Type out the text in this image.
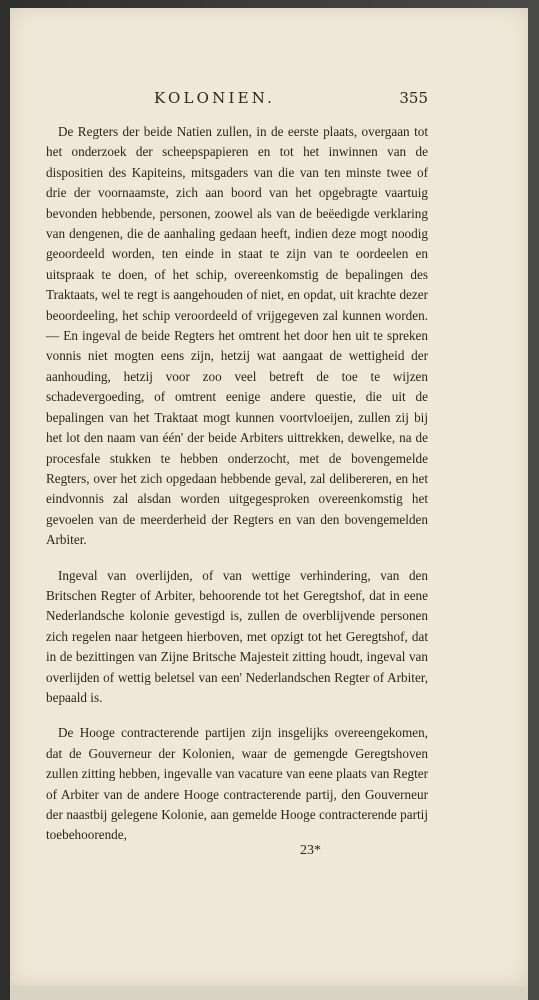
KOLONIEN.	355

De Regters der beide Natien zullen, in de eerste plaats, overgaan tot het onderzoek der scheepspapieren en tot het inwinnen van de dispositien des Kapiteins, mitsgaders van die van ten minste twee of drie der voornaamste, zich aan boord van het opgebragte vaartuig bevonden hebbende, personen, zoowel als van de beëedigde verklaring van dengenen, die de aanhaling gedaan heeft, indien deze mogt noodig geoordeeld worden, ten einde in staat te zijn van te oordeelen en uitspraak te doen, of het schip, overeenkomstig de bepalingen des Traktaats, wel te regt is aangehouden of niet, en opdat, uit krachte dezer beoordeeling, het schip veroordeeld of vrijgegeven zal kunnen worden. — En ingeval de beide Regters het omtrent het door hen uit te spreken vonnis niet mogten eens zijn, hetzij wat aangaat de wettigheid der aanhouding, hetzij voor zoo veel betreft de toe te wijzen schadevergoeding, of omtrent eenige andere questie, die uit de bepalingen van het Traktaat mogt kunnen voortvloeijen, zullen zij bij het lot den naam van één' der beide Arbiters uittrekken, dewelke, na de procesfale stukken te hebben onderzocht, met de bovengemelde Regters, over het zich opgedaan hebbende geval, zal delibereren, en het eindvonnis zal alsdan worden uitgegesproken overeenkomstig het gevoelen van de meerderheid der Regters en van den bovengemelden Arbiter.

Ingeval van overlijden, of van wettige verhindering, van den Britschen Regter of Arbiter, behoorende tot het Geregtshof, dat in eene Nederlandsche kolonie gevestigd is, zullen de overblijvende personen zich regelen naar hetgeen hierboven, met opzigt tot het Geregtshof, dat in de bezittingen van Zijne Britsche Majesteit zitting houdt, ingeval van overlijden of wettig beletsel van een' Nederlandschen Regter of Arbiter, bepaald is.

De Hooge contracterende partijen zijn insgelijks overeengekomen, dat de Gouverneur der Kolonien, waar de gemengde Geregtshoven zullen zitting hebben, ingevalle van vacature van eene plaats van Regter of Arbiter van de andere Hooge contracterende partij, den Gouverneur der naastbij gelegene Kolonie, aan gemelde Hooge contracterende partij toebehoorende,

23*
